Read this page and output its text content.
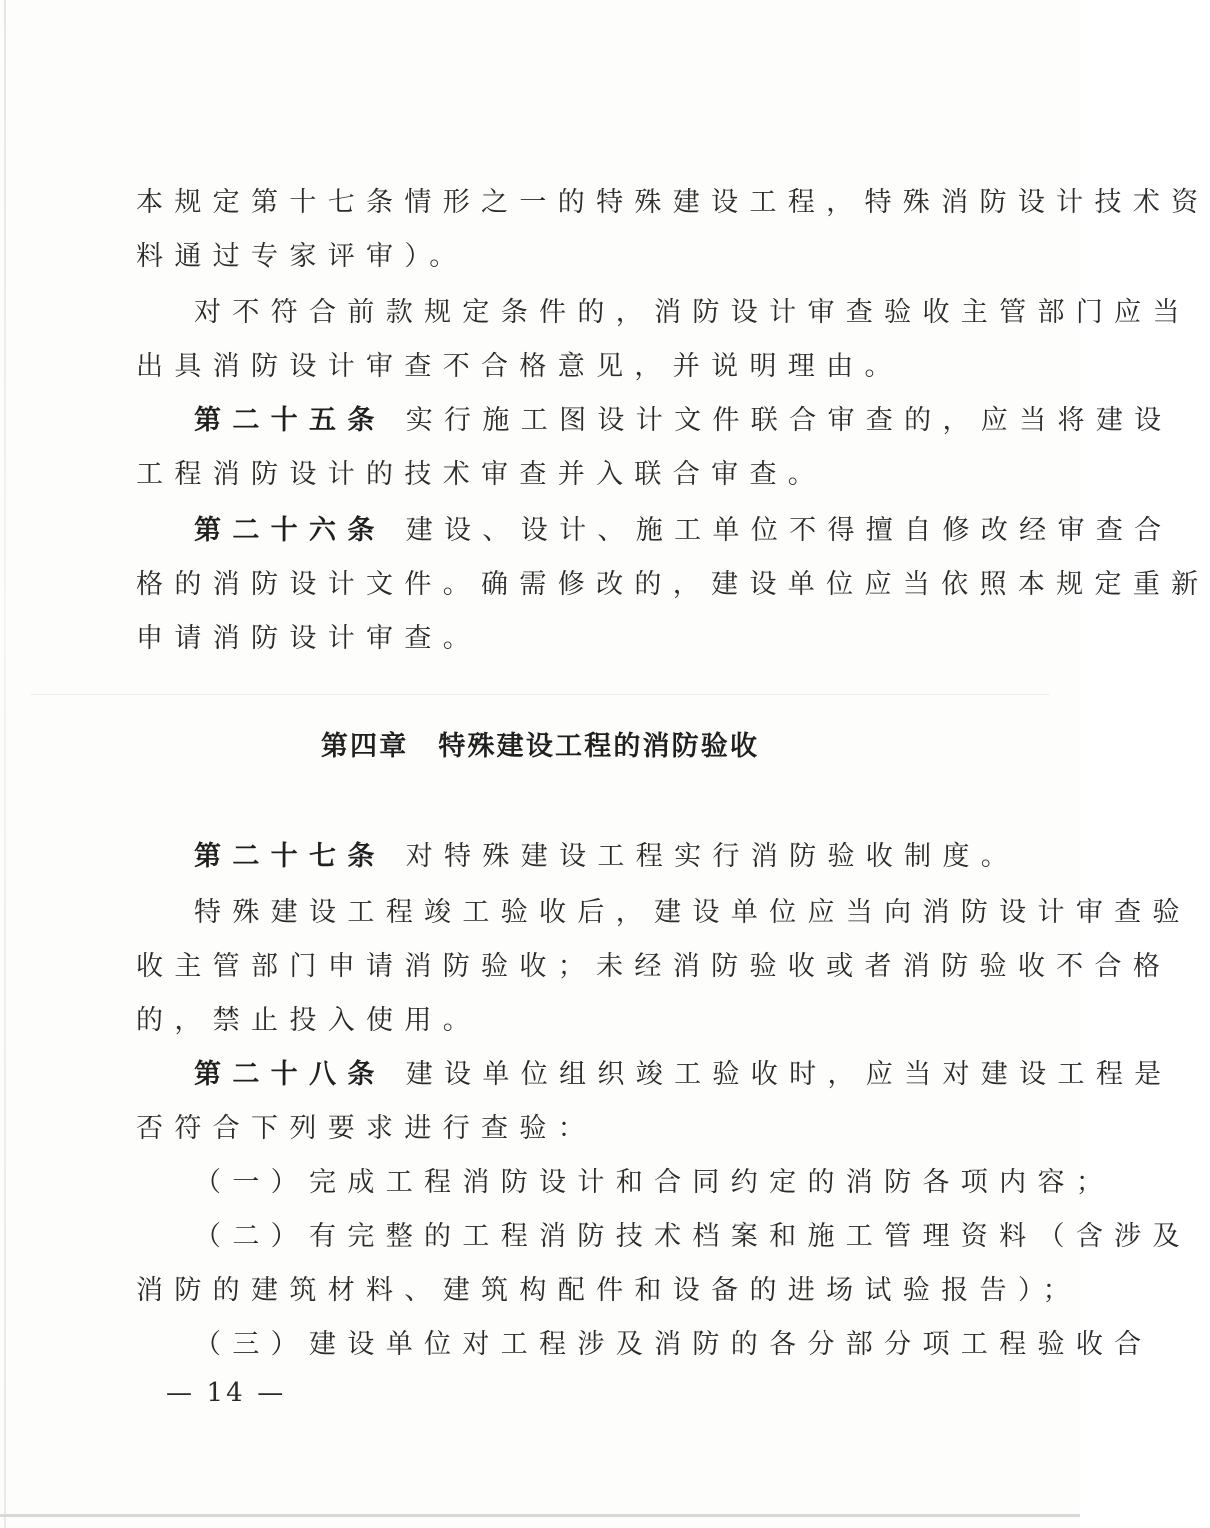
本规定第十七条情形之一的特殊建设工程，特殊消防设计技术资

料通过专家评审）。

对不符合前款规定条件的，消防设计审查验收主管部门应当

出具消防设计审查不合格意见，并说明理由。

第二十五条 实行施工图设计文件联合审查的，应当将建设

工程消防设计的技术审查并入联合审查。

第二十六条 建设、设计、施工单位不得擅自修改经审查合

格的消防设计文件。确需修改的，建设单位应当依照本规定重新

申请消防设计审查。

第四章 特殊建设工程的消防验收

第二十七条 对特殊建设工程实行消防验收制度。

特殊建设工程竣工验收后，建设单位应当向消防设计审查验

收主管部门申请消防验收；未经消防验收或者消防验收不合格

的，禁止投入使用。

第二十八条 建设单位组织竣工验收时，应当对建设工程是

否符合下列要求进行查验：

（一）完成工程消防设计和合同约定的消防各项内容；

（二）有完整的工程消防技术档案和施工管理资料（含涉及

消防的建筑材料、建筑构配件和设备的进场试验报告）；

（三）建设单位对工程涉及消防的各分部分项工程验收合

— 14 —
